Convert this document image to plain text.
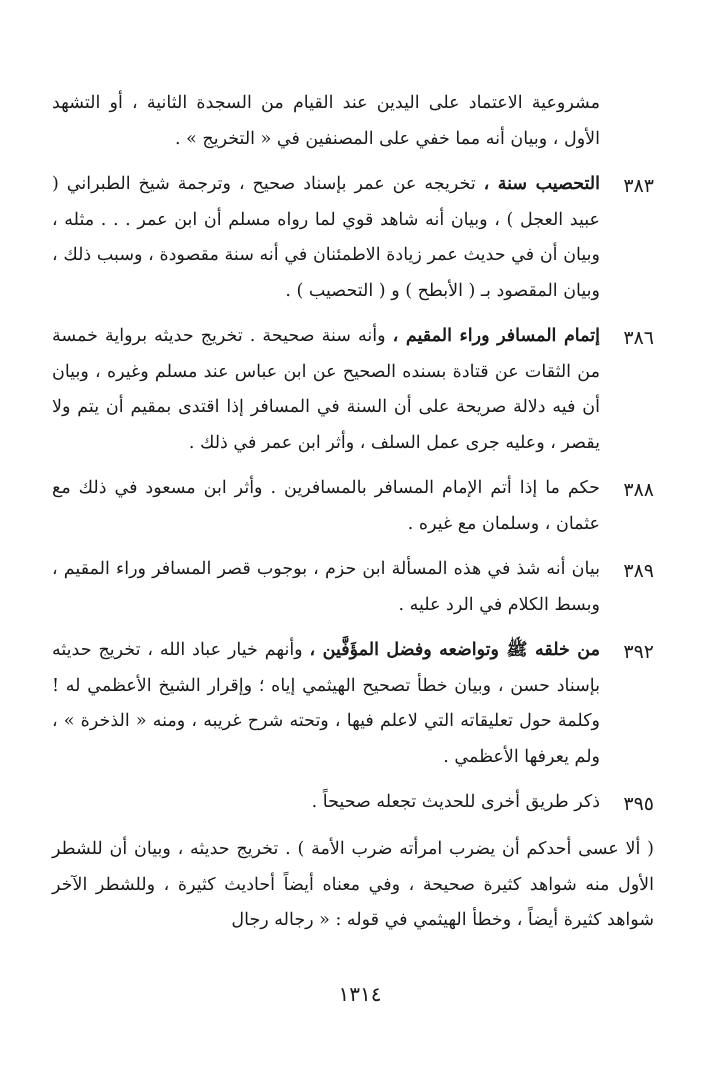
مشروعية الاعتماد على اليدين عند القيام من السجدة الثانية ، أو التشهد الأول ، وبيان أنه مما خفي على المصنفين في « التخريج » .
٣٨٣
التحصيب سنة ، تخريجه عن عمر بإسناد صحيح ، وترجمة شيخ الطبراني ( عبيد العجل ) ، وبيان أنه شاهد قوي لما رواه مسلم أن ابن عمر . . . مثله ، وبيان أن في حديث عمر زيادة الاطمئنان في أنه سنة مقصودة ، وسبب ذلك ، وبيان المقصود بـ ( الأبطح ) و ( التحصيب ) .
٣٨٦
إتمام المسافر وراء المقيم ، وأنه سنة صحيحة . تخريج حديثه برواية خمسة من الثقات عن قتادة بسنده الصحيح عن ابن عباس عند مسلم وغيره ، وبيان أن فيه دلالة صريحة على أن السنة في المسافر إذا اقتدى بمقيم أن يتم ولا يقصر ، وعليه جرى عمل السلف ، وأثر ابن عمر في ذلك .
٣٨٨
حكم ما إذا أتم الإمام المسافر بالمسافرين . وأثر ابن مسعود في ذلك مع عثمان ، وسلمان مع غيره .
٣٨٩
بيان أنه شذ في هذه المسألة ابن حزم ، بوجوب قصر المسافر وراء المقيم ، وبسط الكلام في الرد عليه .
٣٩٢
من خلقه ﷺ وتواضعه وفضل المؤَفَّين ، وأنهم خيار عباد الله ، تخريج حديثه بإسناد حسن ، وبيان خطأ تصحيح الهيثمي إياه ؛ وإقرار الشيخ الأعظمي له ! وكلمة حول تعليقاته التي لاعلم فيها ، وتحته شرح غريبه ، ومنه « الذخرة » ، ولم يعرفها الأعظمي .
٣٩٥
ذكر طريق أخرى للحديث تجعله صحيحاً .
( ألا عسى أحدكم أن يضرب امرأته ضرب الأمة ) . تخريج حديثه ، وبيان أن للشطر الأول منه شواهد كثيرة صحيحة ، وفي معناه أيضاً أحاديث كثيرة ، وللشطر الآخر شواهد كثيرة أيضاً ، وخطأ الهيثمي في قوله : « رجاله رجال
١٣١٤
